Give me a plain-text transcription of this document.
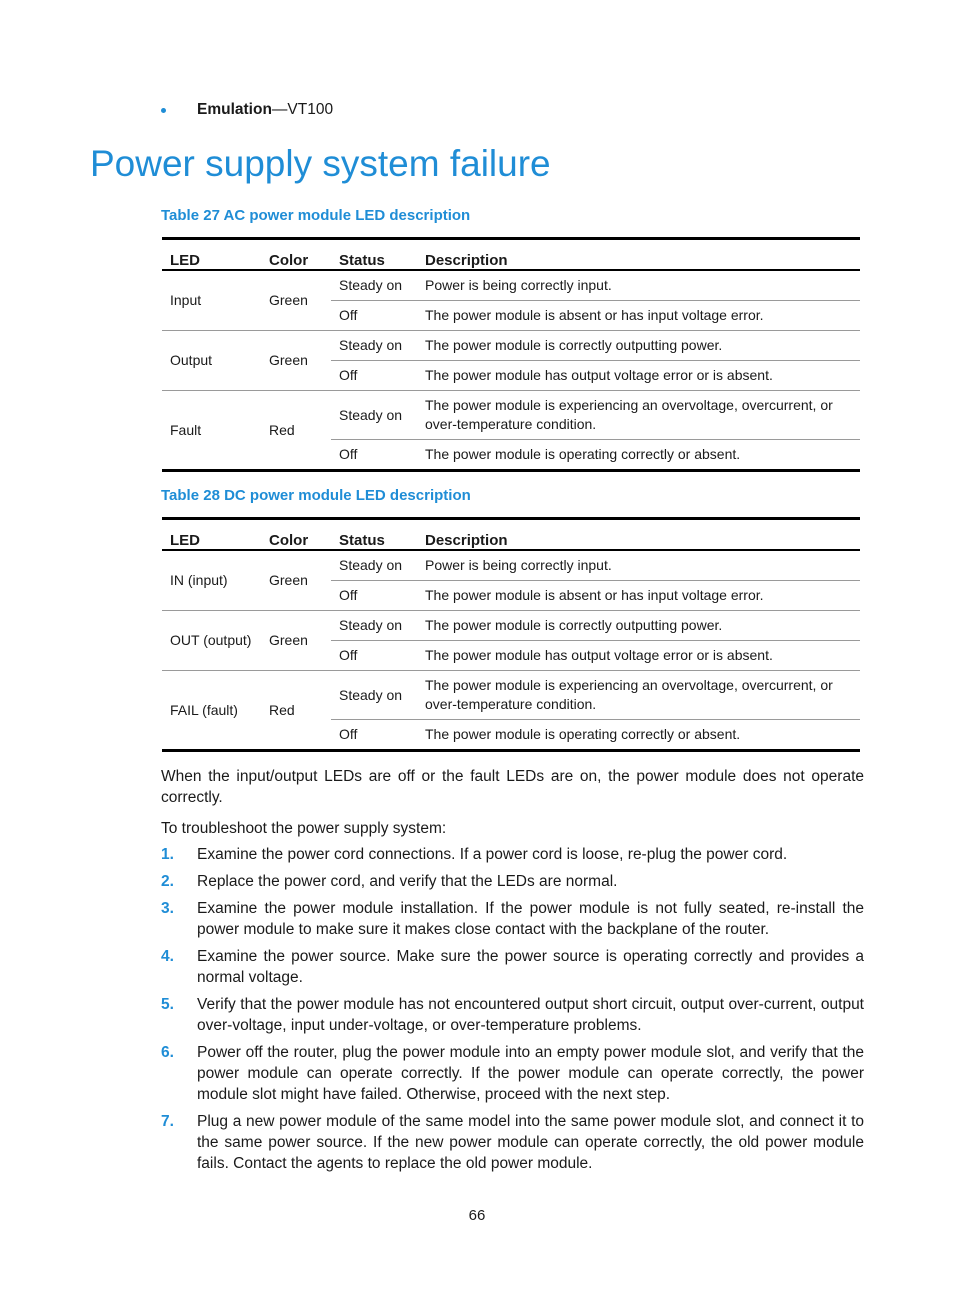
Emulation—VT100
Power supply system failure
Table 27 AC power module LED description
LED	Color	Status	Description
Input	Green	Steady on	Power is being correctly input.
		Off	The power module is absent or has input voltage error.
Output	Green	Steady on	The power module is correctly outputting power.
		Off	The power module has output voltage error or is absent.
Fault	Red	Steady on	The power module is experiencing an overvoltage, overcurrent, or over-temperature condition.
		Off	The power module is operating correctly or absent.
Table 28 DC power module LED description
LED	Color	Status	Description
IN (input)	Green	Steady on	Power is being correctly input.
		Off	The power module is absent or has input voltage error.
OUT (output)	Green	Steady on	The power module is correctly outputting power.
		Off	The power module has output voltage error or is absent.
FAIL (fault)	Red	Steady on	The power module is experiencing an overvoltage, overcurrent, or over-temperature condition.
		Off	The power module is operating correctly or absent.

When the input/output LEDs are off or the fault LEDs are on, the power module does not operate correctly.

To troubleshoot the power supply system:

1. Examine the power cord connections. If a power cord is loose, re-plug the power cord.
2. Replace the power cord, and verify that the LEDs are normal.
3. Examine the power module installation. If the power module is not fully seated, re-install the power module to make sure it makes close contact with the backplane of the router.
4. Examine the power source. Make sure the power source is operating correctly and provides a normal voltage.
5. Verify that the power module has not encountered output short circuit, output over-current, output over-voltage, input under-voltage, or over-temperature problems.
6. Power off the router, plug the power module into an empty power module slot, and verify that the power module can operate correctly. If the power module can operate correctly, the power module slot might have failed. Otherwise, proceed with the next step.
7. Plug a new power module of the same model into the same power module slot, and connect it to the same power source. If the new power module can operate correctly, the old power module fails. Contact the agents to replace the old power module.
66
